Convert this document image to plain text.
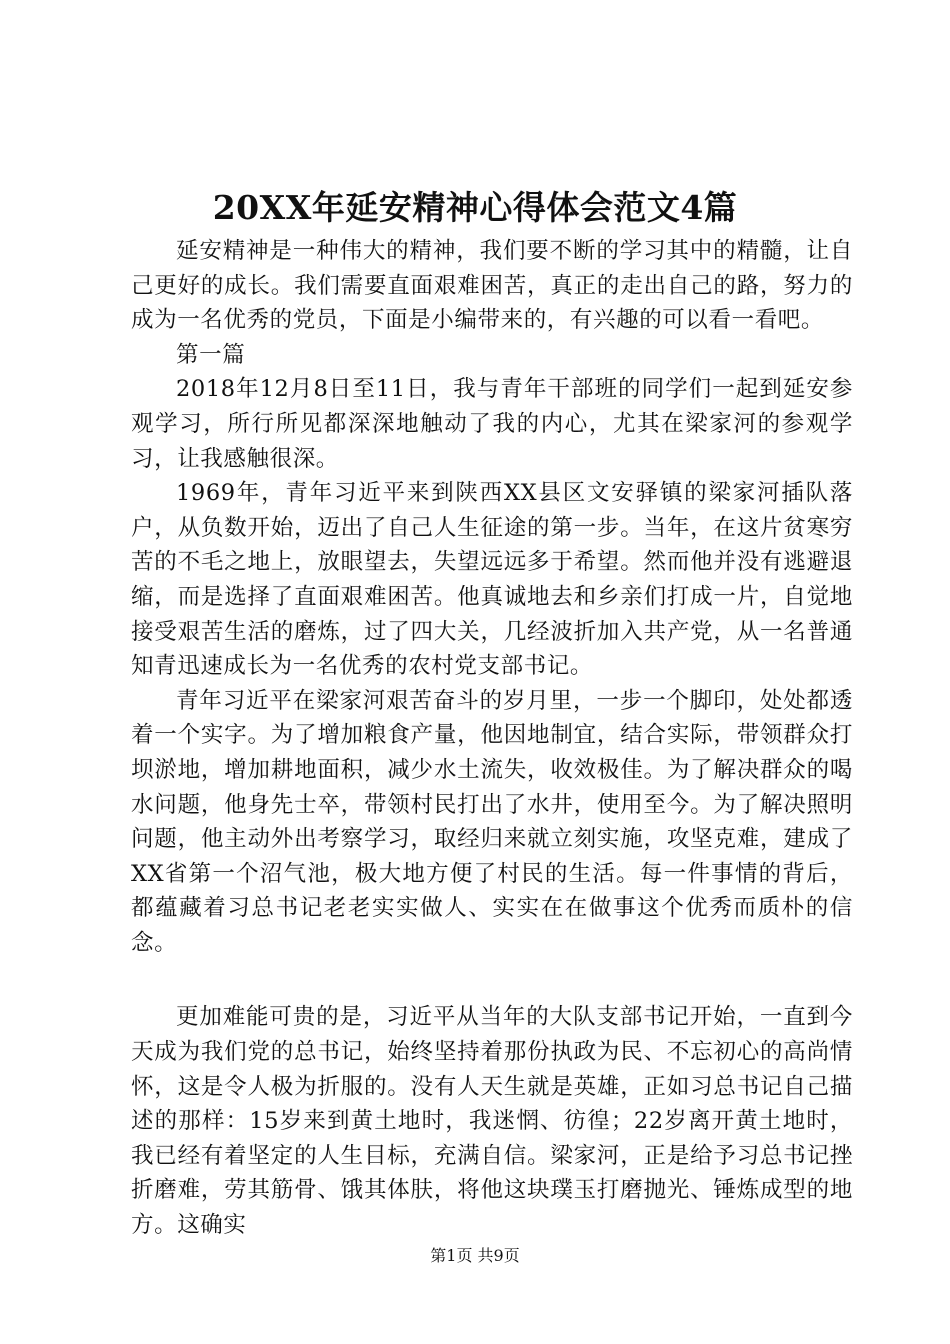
20XX年延安精神心得体会范文4篇

延安精神是一种伟大的精神，我们要不断的学习其中的精髓，让自己更好的成长。我们需要直面艰难困苦，真正的走出自己的路，努力的成为一名优秀的党员，下面是小编带来的，有兴趣的可以看一看吧。

第一篇

2018年12月8日至11日，我与青年干部班的同学们一起到延安参观学习，所行所见都深深地触动了我的内心，尤其在梁家河的参观学习，让我感触很深。

1969年，青年习近平来到陕西XX县区文安驿镇的梁家河插队落户，从负数开始，迈出了自己人生征途的第一步。当年，在这片贫寒穷苦的不毛之地上，放眼望去，失望远远多于希望。然而他并没有逃避退缩，而是选择了直面艰难困苦。他真诚地去和乡亲们打成一片，自觉地接受艰苦生活的磨炼，过了四大关，几经波折加入共产党，从一名普通知青迅速成长为一名优秀的农村党支部书记。

青年习近平在梁家河艰苦奋斗的岁月里，一步一个脚印，处处都透着一个实字。为了增加粮食产量，他因地制宜，结合实际，带领群众打坝淤地，增加耕地面积，减少水土流失，收效极佳。为了解决群众的喝水问题，他身先士卒，带领村民打出了水井，使用至今。为了解决照明问题，他主动外出考察学习，取经归来就立刻实施，攻坚克难，建成了XX省第一个沼气池，极大地方便了村民的生活。每一件事情的背后，都蕴藏着习总书记老老实实做人、实实在在做事这个优秀而质朴的信念。

更加难能可贵的是，习近平从当年的大队支部书记开始，一直到今天成为我们党的总书记，始终坚持着那份执政为民、不忘初心的高尚情怀，这是令人极为折服的。没有人天生就是英雄，正如习总书记自己描述的那样：15岁来到黄土地时，我迷惘、彷徨；22岁离开黄土地时，我已经有着坚定的人生目标，充满自信。梁家河，正是给予习总书记挫折磨难，劳其筋骨、饿其体肤，将他这块璞玉打磨抛光、锤炼成型的地方。这确实

第1页 共9页
